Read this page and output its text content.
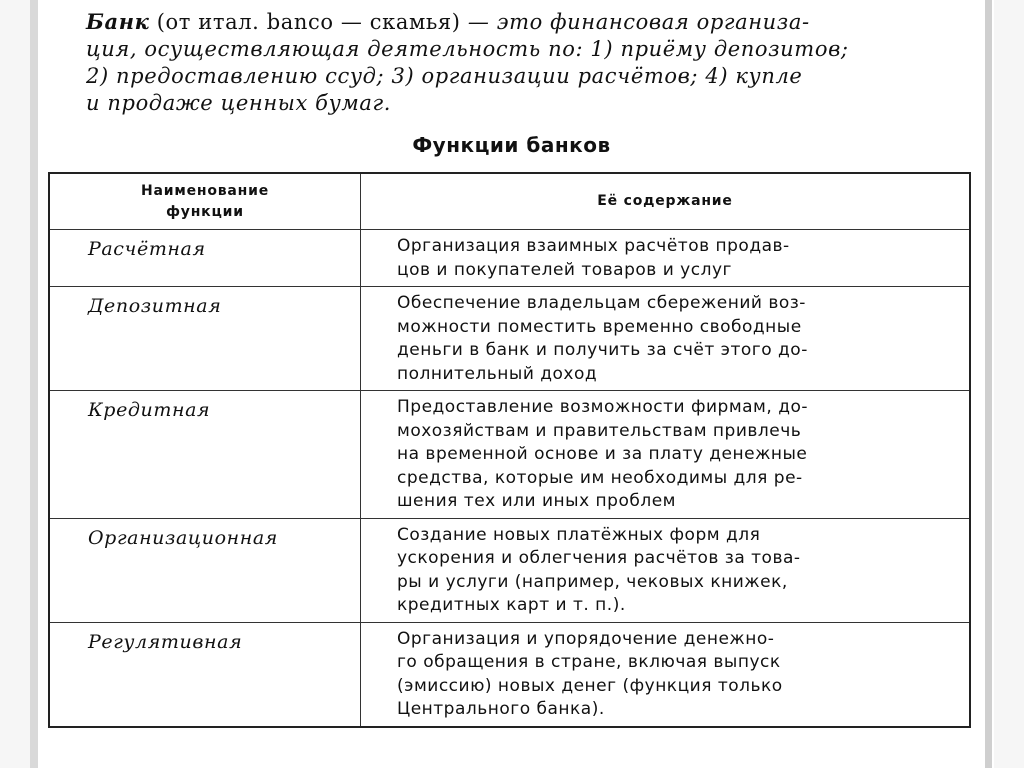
Банк (от итал. banco — скамья) — это финансовая организа-
ция, осуществляющая деятельность по: 1) приёму депозитов;
2) предоставлению ссуд; 3) организации расчётов; 4) купле
и продаже ценных бумаг.

Функции банков
Наименование
функции	Её содержание
Расчётная	Организация взаимных расчётов продав-
цов и покупателей товаров и услуг

Депозитная	Обеспечение владельцам сбережений воз-
можности поместить временно свободные
деньги в банк и получить за счёт этого до-
полнительный доход

Кредитная	Предоставление возможности фирмам, до-
мохозяйствам и правительствам привлечь
на временной основе и за плату денежные
средства, которые им необходимы для ре-
шения тех или иных проблем

Организационная	Создание новых платёжных форм для
ускорения и облегчения расчётов за това-
ры и услуги (например, чековых книжек,
кредитных карт и т. п.).

Регулятивная	Организация и упорядочение денежно-
го обращения в стране, включая выпуск
(эмиссию) новых денег (функция только
Центрального банка).
